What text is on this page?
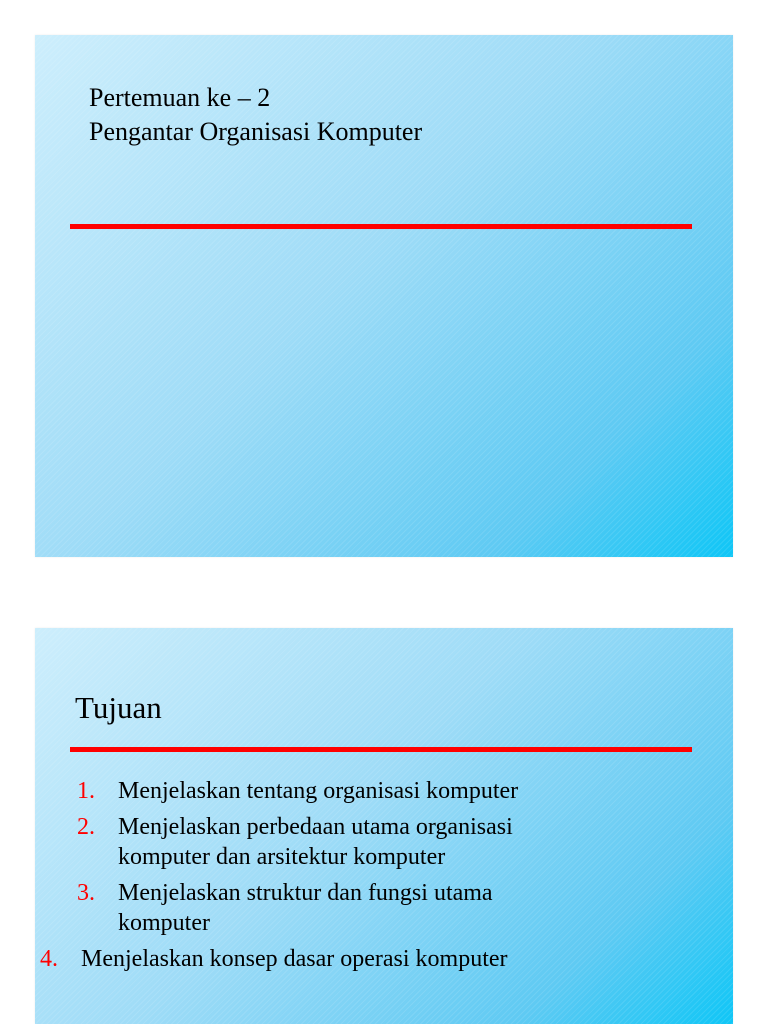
Pertemuan ke – 2
Pengantar Organisasi Komputer
Tujuan
1. Menjelaskan tentang organisasi komputer
2. Menjelaskan perbedaan utama organisasi
komputer dan arsitektur komputer
3. Menjelaskan struktur dan fungsi utama
komputer
4. Menjelaskan konsep dasar operasi komputer
